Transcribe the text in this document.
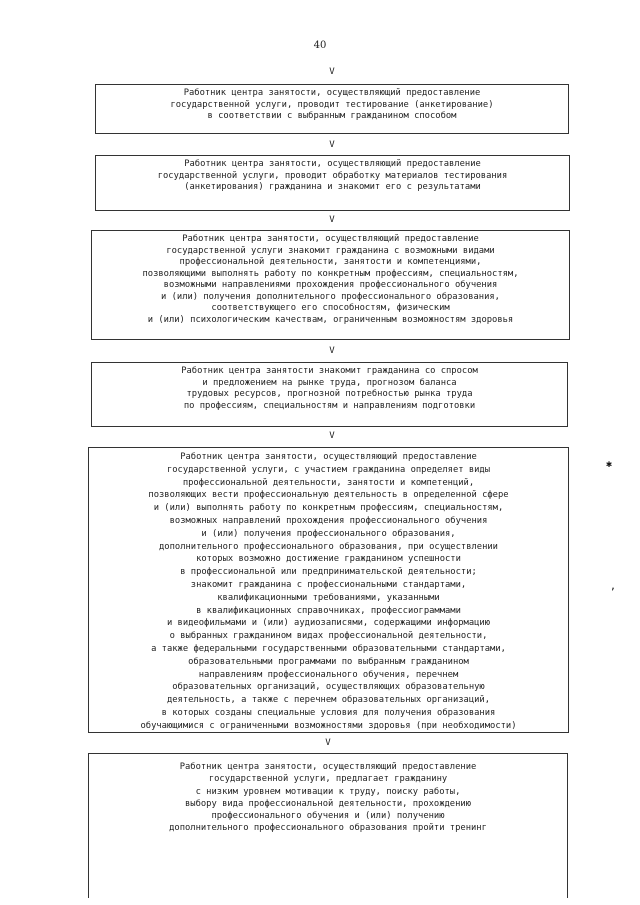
40
V
Работник центра занятости, осуществляющий предоставление
государственной услуги, проводит тестирование (анкетирование)
в соответствии с выбранным гражданином способом
V
Работник центра занятости, осуществляющий предоставление
государственной услуги, проводит обработку материалов тестирования
(анкетирования) гражданина и знакомит его с результатами
V
Работник центра занятости, осуществляющий предоставление
государственной услуги знакомит гражданина с возможными видами
профессиональной деятельности, занятости и компетенциями,
позволяющими выполнять работу по конкретным профессиям, специальностям,
возможными направлениями прохождения профессионального обучения
и (или) получения дополнительного профессионального образования,
соответствующего его способностям, физическим
и (или) психологическим качествам, ограниченным возможностям здоровья
V
Работник центра занятости знакомит гражданина со спросом
и предложением на рынке труда, прогнозом баланса
трудовых ресурсов, прогнозной потребностью рынка труда
по профессиям, специальностям и направлениям подготовки
V
Работник центра занятости, осуществляющий предоставление
государственной услуги, с участием гражданина определяет виды
профессиональной деятельности, занятости и компетенций,
позволяющих вести профессиональную деятельность в определенной сфере
и (или) выполнять работу по конкретным профессиям, специальностям,
возможных направлений прохождения профессионального обучения
и (или) получения профессионального образования,
дополнительного профессионального образования, при осуществлении
которых возможно достижение гражданином успешности
в профессиональной или предпринимательской деятельности;
знакомит гражданина с профессиональными стандартами,
квалификационными требованиями, указанными
в квалификационных справочниках, профессиограммами
и видеофильмами и (или) аудиозаписями, содержащими информацию
о выбранных гражданином видах профессиональной деятельности,
а также федеральными государственными образовательными стандартами,
образовательными программами по выбранным гражданином
направлениям профессионального обучения, перечнем
образовательных организаций, осуществляющих образовательную
деятельность, а также с перечнем образовательных организаций,
в которых созданы специальные условия для получения образования
обучающимися с ограниченными возможностями здоровья (при необходимости)
V
Работник центра занятости, осуществляющий предоставление
государственной услуги, предлагает гражданину
с низким уровнем мотивации к труду, поиску работы,
выбору вида профессиональной деятельности, прохождению
профессионального обучения и (или) получению
дополнительного профессионального образования пройти тренинг
✱
‚
